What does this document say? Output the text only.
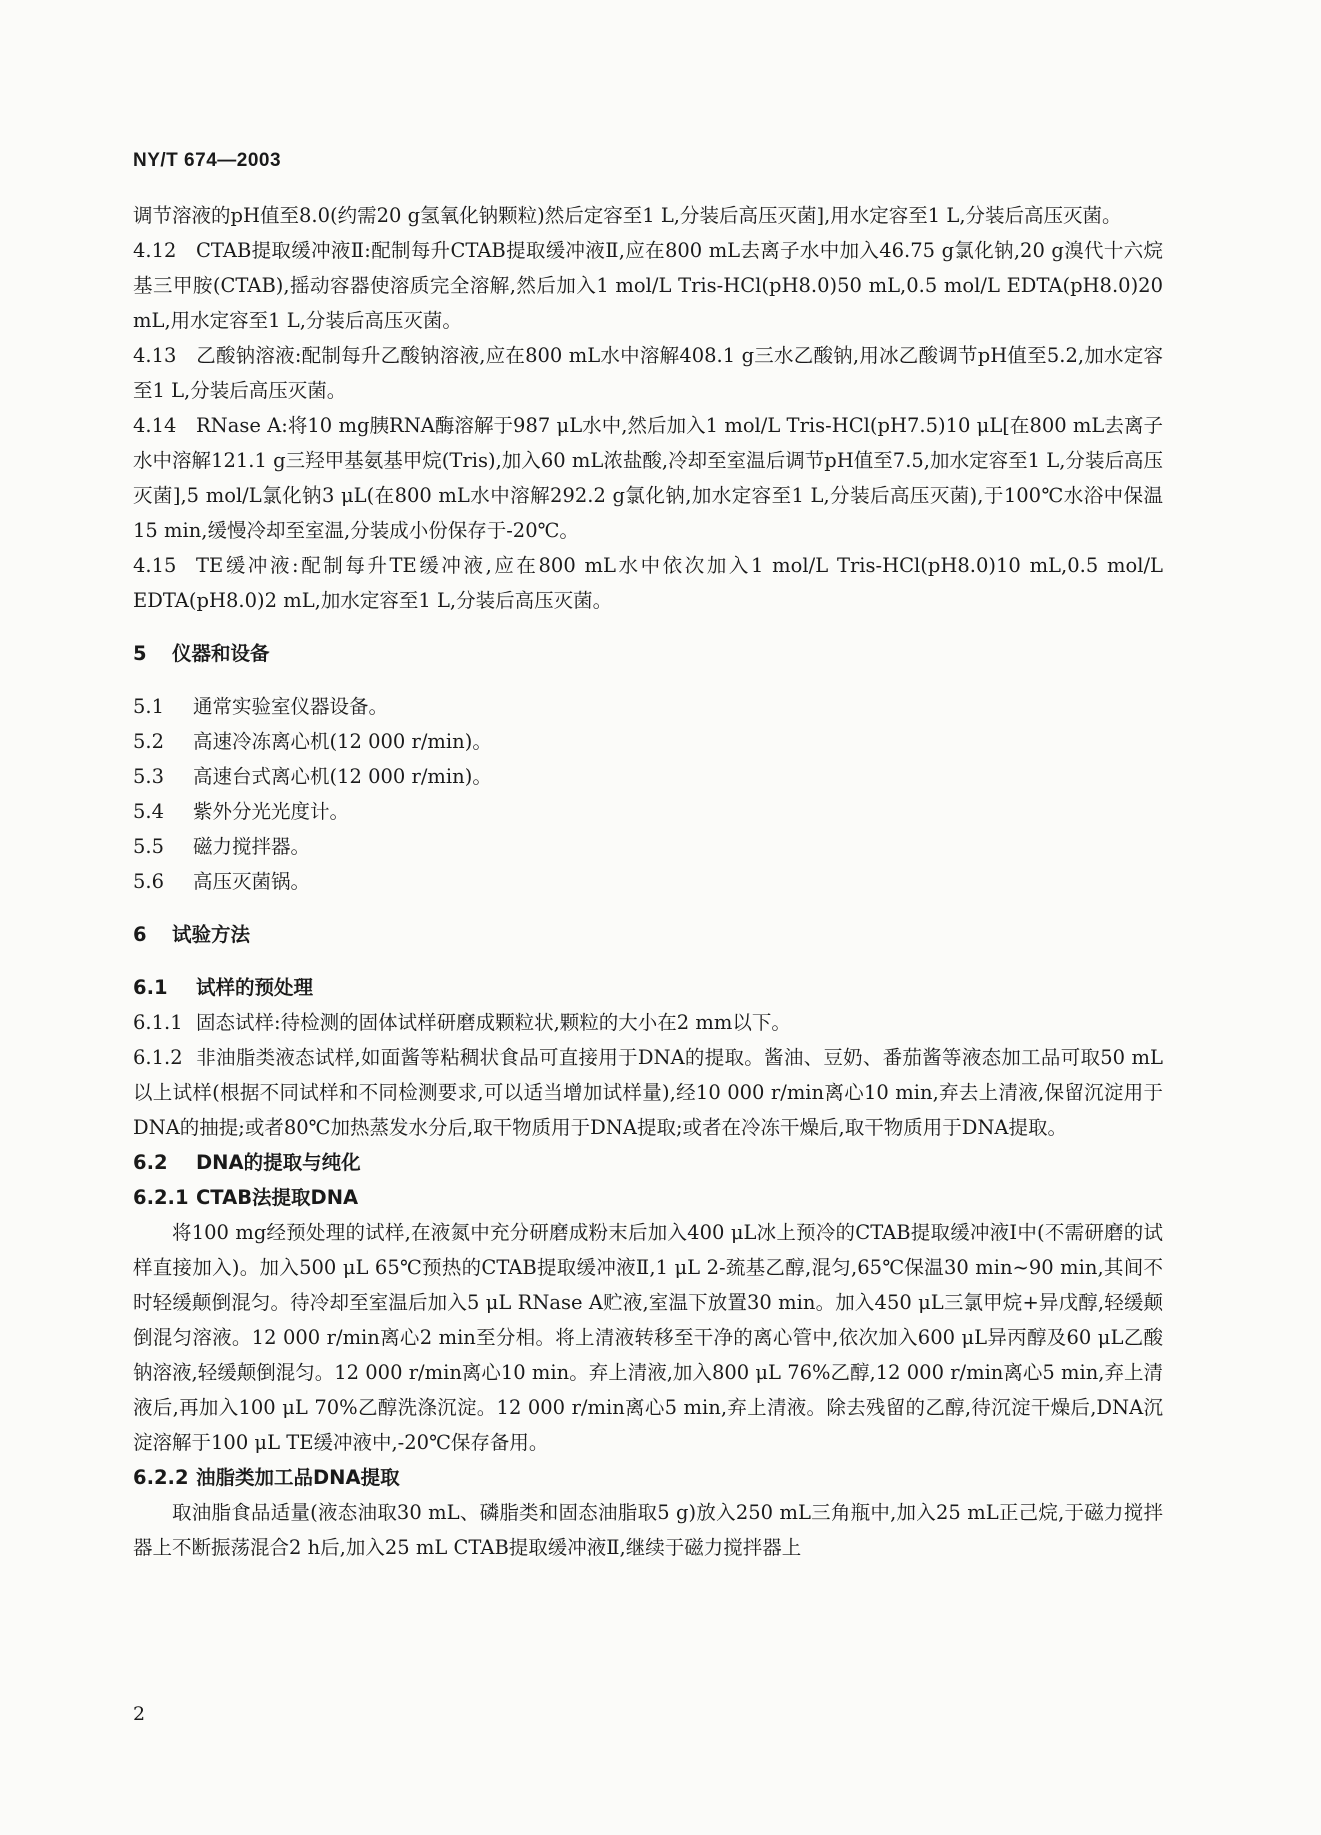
NY/T 674—2003

调节溶液的pH值至8.0(约需20 g氢氧化钠颗粒)然后定容至1 L,分装后高压灭菌],用水定容至1 L,分装后高压灭菌。

4.12 CTAB提取缓冲液Ⅱ:配制每升CTAB提取缓冲液Ⅱ,应在800 mL去离子水中加入46.75 g氯化钠,20 g溴代十六烷基三甲胺(CTAB),摇动容器使溶质完全溶解,然后加入1 mol/L Tris-HCl(pH8.0)50 mL,0.5 mol/L EDTA(pH8.0)20 mL,用水定容至1 L,分装后高压灭菌。

4.13 乙酸钠溶液:配制每升乙酸钠溶液,应在800 mL水中溶解408.1 g三水乙酸钠,用冰乙酸调节pH值至5.2,加水定容至1 L,分装后高压灭菌。

4.14 RNase A:将10 mg胰RNA酶溶解于987 μL水中,然后加入1 mol/L Tris-HCl(pH7.5)10 μL[在800 mL去离子水中溶解121.1 g三羟甲基氨基甲烷(Tris),加入60 mL浓盐酸,冷却至室温后调节pH值至7.5,加水定容至1 L,分装后高压灭菌],5 mol/L氯化钠3 μL(在800 mL水中溶解292.2 g氯化钠,加水定容至1 L,分装后高压灭菌),于100℃水浴中保温15 min,缓慢冷却至室温,分装成小份保存于-20℃。

4.15 TE缓冲液:配制每升TE缓冲液,应在800 mL水中依次加入1 mol/L Tris-HCl(pH8.0)10 mL,0.5 mol/L EDTA(pH8.0)2 mL,加水定容至1 L,分装后高压灭菌。

5 仪器和设备

5.1 通常实验室仪器设备。

5.2 高速冷冻离心机(12 000 r/min)。

5.3 高速台式离心机(12 000 r/min)。

5.4 紫外分光光度计。

5.5 磁力搅拌器。

5.6 高压灭菌锅。

6 试验方法

6.1 试样的预处理

6.1.1 固态试样:待检测的固体试样研磨成颗粒状,颗粒的大小在2 mm以下。

6.1.2 非油脂类液态试样,如面酱等粘稠状食品可直接用于DNA的提取。酱油、豆奶、番茄酱等液态加工品可取50 mL以上试样(根据不同试样和不同检测要求,可以适当增加试样量),经10 000 r/min离心10 min,弃去上清液,保留沉淀用于DNA的抽提;或者80℃加热蒸发水分后,取干物质用于DNA提取;或者在冷冻干燥后,取干物质用于DNA提取。

6.2 DNA的提取与纯化

6.2.1 CTAB法提取DNA

将100 mg经预处理的试样,在液氮中充分研磨成粉末后加入400 μL冰上预冷的CTAB提取缓冲液Ⅰ中(不需研磨的试样直接加入)。加入500 μL 65℃预热的CTAB提取缓冲液Ⅱ,1 μL 2-巯基乙醇,混匀,65℃保温30 min~90 min,其间不时轻缓颠倒混匀。待冷却至室温后加入5 μL RNase A贮液,室温下放置30 min。加入450 μL三氯甲烷+异戊醇,轻缓颠倒混匀溶液。12 000 r/min离心2 min至分相。将上清液转移至干净的离心管中,依次加入600 μL异丙醇及60 μL乙酸钠溶液,轻缓颠倒混匀。12 000 r/min离心10 min。弃上清液,加入800 μL 76%乙醇,12 000 r/min离心5 min,弃上清液后,再加入100 μL 70%乙醇洗涤沉淀。12 000 r/min离心5 min,弃上清液。除去残留的乙醇,待沉淀干燥后,DNA沉淀溶解于100 μL TE缓冲液中,-20℃保存备用。

6.2.2 油脂类加工品DNA提取

取油脂食品适量(液态油取30 mL、磷脂类和固态油脂取5 g)放入250 mL三角瓶中,加入25 mL正己烷,于磁力搅拌器上不断振荡混合2 h后,加入25 mL CTAB提取缓冲液Ⅱ,继续于磁力搅拌器上

2
